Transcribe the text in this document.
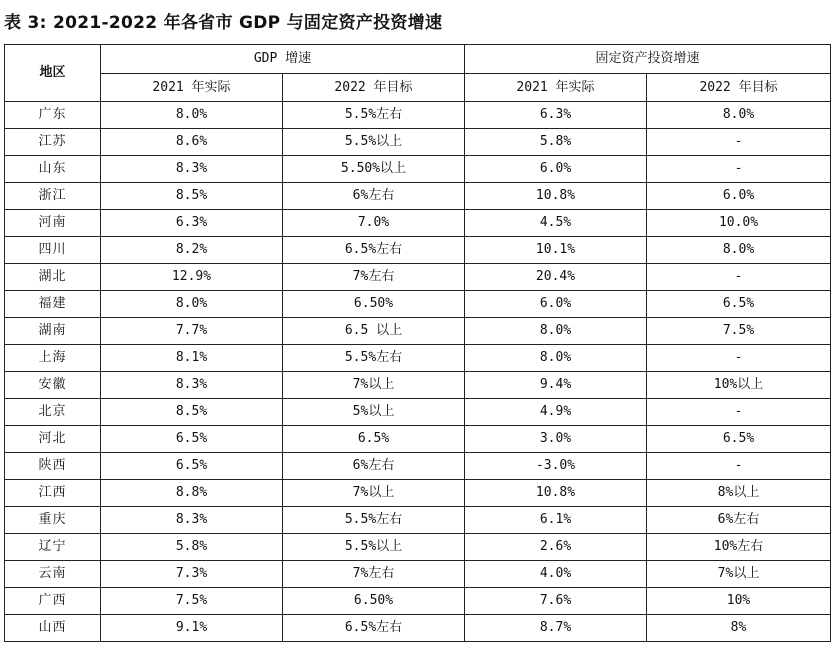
表 3: 2021-2022 年各省市 GDP 与固定资产投资增速
地区	GDP 增速		固定资产投资增速	
	2021 年实际	2022 年目标	2021 年实际	2022 年目标
广东	8.0%	5.5%左右	6.3%	8.0%
江苏	8.6%	5.5%以上	5.8%	-
山东	8.3%	5.50%以上	6.0%	-
浙江	8.5%	6%左右	10.8%	6.0%
河南	6.3%	7.0%	4.5%	10.0%
四川	8.2%	6.5%左右	10.1%	8.0%
湖北	12.9%	7%左右	20.4%	-
福建	8.0%	6.50%	6.0%	6.5%
湖南	7.7%	6.5 以上	8.0%	7.5%
上海	8.1%	5.5%左右	8.0%	-
安徽	8.3%	7%以上	9.4%	10%以上
北京	8.5%	5%以上	4.9%	-
河北	6.5%	6.5%	3.0%	6.5%
陕西	6.5%	6%左右	-3.0%	-
江西	8.8%	7%以上	10.8%	8%以上
重庆	8.3%	5.5%左右	6.1%	6%左右
辽宁	5.8%	5.5%以上	2.6%	10%左右
云南	7.3%	7%左右	4.0%	7%以上
广西	7.5%	6.50%	7.6%	10%
山西	9.1%	6.5%左右	8.7%	8%
